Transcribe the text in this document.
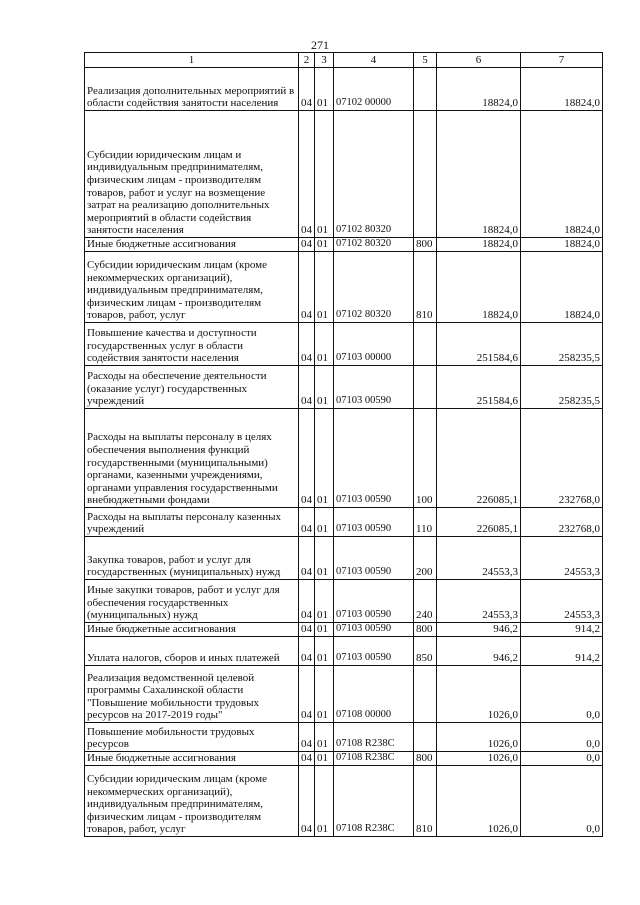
271
1	2	3	4	5	6	7
Реализация дополнительных мероприятий в области содействия занятости населения	04	01	07102 00000		18824,0	18824,0
Субсидии юридическим лицам и индивидуальным предпринимателям, физическим лицам - производителям товаров, работ и услуг на возмещение затрат на реализацию дополнительных мероприятий в области содействия занятости населения	04	01	07102 80320		18824,0	18824,0
Иные бюджетные ассигнования	04	01	07102 80320	800	18824,0	18824,0
Субсидии юридическим лицам (кроме некоммерческих организаций), индивидуальным предпринимателям, физическим лицам - производителям товаров, работ, услуг	04	01	07102 80320	810	18824,0	18824,0
Повышение качества и доступности государственных услуг в области содействия занятости населения	04	01	07103 00000		251584,6	258235,5
Расходы на обеспечение деятельности (оказание услуг) государственных учреждений	04	01	07103 00590		251584,6	258235,5
Расходы на выплаты персоналу в целях обеспечения выполнения функций государственными (муниципальными) органами, казенными учреждениями, органами управления государственными внебюджетными фондами	04	01	07103 00590	100	226085,1	232768,0
Расходы на выплаты персоналу казенных учреждений	04	01	07103 00590	110	226085,1	232768,0
Закупка товаров, работ и услуг для государственных (муниципальных) нужд	04	01	07103 00590	200	24553,3	24553,3
Иные закупки товаров, работ и услуг для обеспечения государственных (муниципальных) нужд	04	01	07103 00590	240	24553,3	24553,3
Иные бюджетные ассигнования	04	01	07103 00590	800	946,2	914,2
Уплата налогов, сборов и иных платежей	04	01	07103 00590	850	946,2	914,2
Реализация ведомственной целевой программы Сахалинской области "Повышение мобильности трудовых ресурсов на 2017-2019 годы"	04	01	07108 00000		1026,0	0,0
Повышение мобильности трудовых ресурсов	04	01	07108 R238C		1026,0	0,0
Иные бюджетные ассигнования	04	01	07108 R238C	800	1026,0	0,0
Субсидии юридическим лицам (кроме некоммерческих организаций), индивидуальным предпринимателям, физическим лицам - производителям товаров, работ, услуг	04	01	07108 R238C	810	1026,0	0,0
